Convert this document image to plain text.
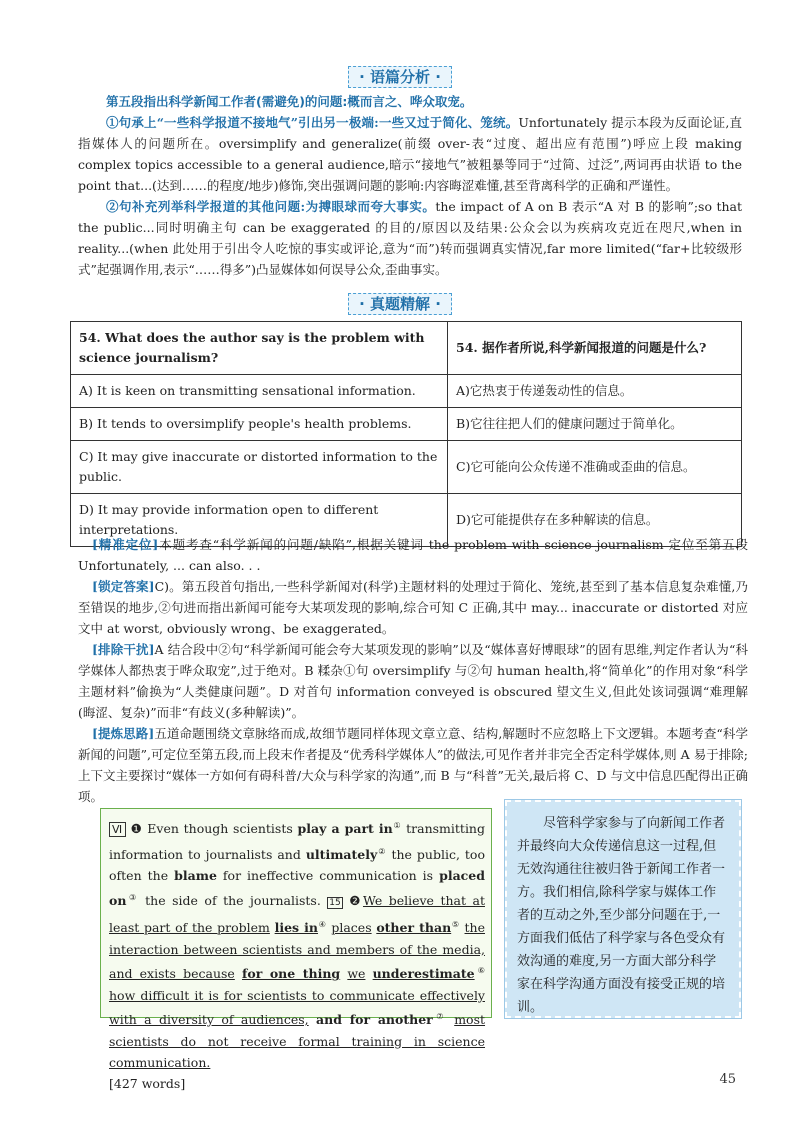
· 语篇分析 ·
第五段指出科学新闻工作者(需避免)的问题:概而言之、哗众取宠。
①句承上“一些科学报道不接地气”引出另一极端:一些又过于简化、笼统。Unfortunately 提示本段为反面论证,直指媒体人的问题所在。oversimplify and generalize(前缀 over-表“过度、超出应有范围”)呼应上段 making complex topics accessible to a general audience,暗示“接地气”被粗暴等同于“过简、过泛”,两词再由状语 to the point that...(达到……的程度/地步)修饰,突出强调问题的影响:内容晦涩难懂,甚至背离科学的正确和严谨性。
②句补充列举科学报道的其他问题:为搏眼球而夸大事实。the impact of A on B 表示“A 对 B 的影响”;so that the public...同时明确主句 can be exaggerated 的目的/原因以及结果:公众会以为疾病攻克近在咫尺,when in reality...(when 此处用于引出令人吃惊的事实或评论,意为“而”)转而强调真实情况,far more limited(“far+比较级形式”起强调作用,表示“……得多”)凸显媒体如何误导公众,歪曲事实。
· 真题精解 ·
54. What does the author say is the problem with science journalism?	54. 据作者所说,科学新闻报道的问题是什么?
A) It is keen on transmitting sensational information.	A)它热衷于传递轰动性的信息。
B) It tends to oversimplify people's health problems.	B)它往往把人们的健康问题过于简单化。
C) It may give inaccurate or distorted information to the public.	C)它可能向公众传递不准确或歪曲的信息。
D) It may provide information open to different interpretations.	D)它可能提供存在多种解读的信息。
[精准定位]本题考查“科学新闻的问题/缺陷”,根据关键词 the problem with science journalism 定位至第五段 Unfortunately, ... can also. . .
[锁定答案]C)。第五段首句指出,一些科学新闻对(科学)主题材料的处理过于简化、笼统,甚至到了基本信息复杂难懂,乃至错误的地步,②句进而指出新闻可能夸大某项发现的影响,综合可知 C 正确,其中 may... inaccurate or distorted 对应文中 at worst, obviously wrong、be exaggerated。
[排除干扰]A 结合段中②句“科学新闻可能会夸大某项发现的影响”以及“媒体喜好博眼球”的固有思维,判定作者认为“科学媒体人都热衷于哗众取宠”,过于绝对。B 糅杂①句 oversimplify 与②句 human health,将“简单化”的作用对象“科学主题材料”偷换为“人类健康问题”。D 对首句 information conveyed is obscured 望文生义,但此处该词强调“难理解(晦涩、复杂)”而非“有歧义(多种解读)”。
[提炼思路]五道命题围绕文章脉络而成,故细节题同样体现文章立意、结构,解题时不应忽略上下文逻辑。本题考查“科学新闻的问题”,可定位至第五段,而上段末作者提及“优秀科学媒体人”的做法,可见作者并非完全否定科学媒体,则 A 易于排除;上下文主要探讨“媒体一方如何有碍科普/大众与科学家的沟通”,而 B 与“科普”无关,最后将 C、D 与文中信息匹配得出正确项。
Ⅵ ❶ Even though scientists play a part in① transmitting information to journalists and ultimately② the public, too often the blame for ineffective communication is placed on③ the side of the journalists. 15 ❷We believe that at least part of the problem lies in④ places other than⑤ the interaction between scientists and members of the media, and exists because for one thing we underestimate⑥ how difficult it is for scientists to communicate effectively with a diversity of audiences, and for another⑦ most scientists do not receive formal training in science communication.
[427 words]
尽管科学家参与了向新闻工作者并最终向大众传递信息这一过程,但无效沟通往往被归咎于新闻工作者一方。我们相信,除科学家与媒体工作者的互动之外,至少部分问题在于,一方面我们低估了科学家与各色受众有效沟通的难度,另一方面大部分科学家在科学沟通方面没有接受正规的培训。
45
